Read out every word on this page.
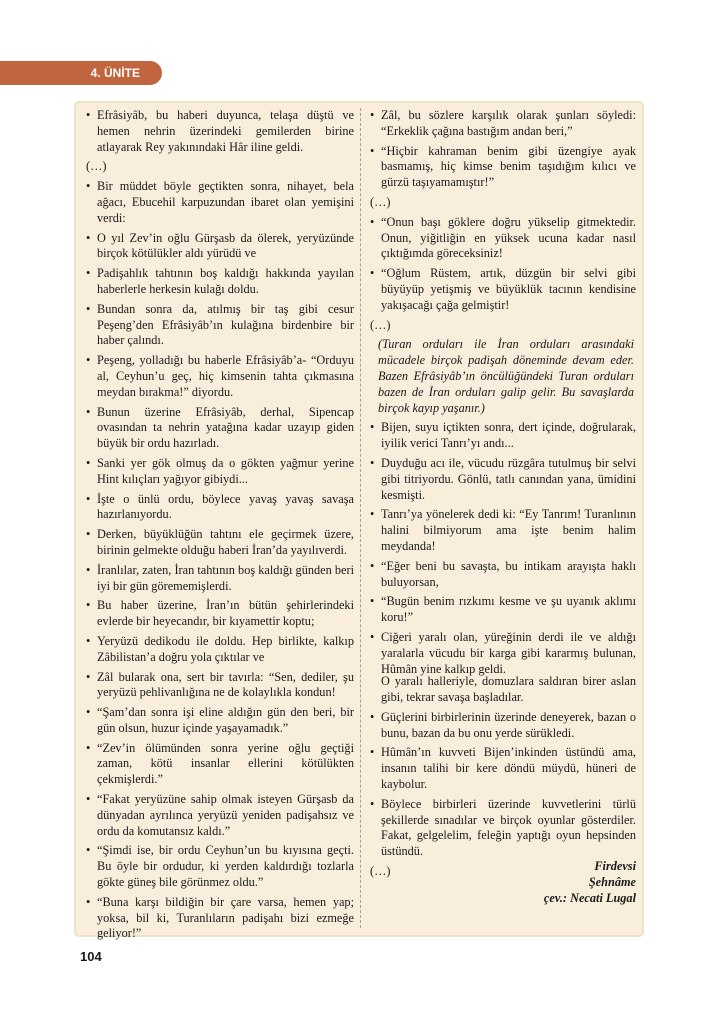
4. ÜNİTE
• Efrâsiyâb, bu haberi duyunca, telaşa düştü ve hemen nehrin üzerindeki gemilerden birine atlayarak Rey yakınındaki Hâr iline geldi.
(…)
• Bir müddet böyle geçtikten sonra, nihayet, bela ağacı, Ebucehil karpuzundan ibaret olan yemişini verdi:
• O yıl Zev’in oğlu Gürşasb da ölerek, yeryüzünde birçok kötülükler aldı yürüdü ve
• Padişahlık tahtının boş kaldığı hakkında yayılan haberlerle herkesin kulağı doldu.
• Bundan sonra da, atılmış bir taş gibi cesur Peşeng’den Efrâsiyâb’ın kulağına birdenbire bir haber çalındı.
• Peşeng, yolladığı bu haberle Efrâsiyâb’a- “Orduyu al, Ceyhun’u geç, hiç kimsenin tahta çıkmasına meydan bırakma!” diyordu.
• Bunun üzerine Efrâsiyâb, derhal, Sipencap ovasından ta nehrin yatağına kadar uzayıp giden büyük bir ordu hazırladı.
• Sanki yer gök olmuş da o gökten yağmur yerine Hint kılıçları yağıyor gibiydi...
• İşte o ünlü ordu, böylece yavaş yavaş savaşa hazırlanıyordu.
• Derken, büyüklüğün tahtını ele geçirmek üzere, birinin gelmekte olduğu haberi İran’da yayılıverdi.
• İranlılar, zaten, İran tahtının boş kaldığı günden beri iyi bir gün görememişlerdi.
• Bu haber üzerine, İran’ın bütün şehirlerindeki evlerde bir heyecandır, bir kıyamettir koptu;
• Yeryüzü dedikodu ile doldu. Hep birlikte, kalkıp Zâbilistan’a doğru yola çıktılar ve
• Zâl bularak ona, sert bir tavırla: “Sen, dediler, şu yeryüzü pehlivanlığına ne de kolaylıkla kondun!
• “Şam’dan sonra işi eline aldığın gün den beri, bir gün olsun, huzur içinde yaşayamadık.”
• “Zev’in ölümünden sonra yerine oğlu geçtiği zaman, kötü insanlar ellerini kötülükten çekmişlerdi.”
• “Fakat yeryüzüne sahip olmak isteyen Gürşasb da dünyadan ayrılınca yeryüzü yeniden padişahsız ve ordu da komutansız kaldı.”
• “Şimdi ise, bir ordu Ceyhun’un bu kıyısına geçti. Bu öyle bir ordudur, ki yerden kaldırdığı tozlarla gökte güneş bile görünmez oldu.”
• “Buna karşı bildiğin bir çare varsa, hemen yap; yoksa, bil ki, Turanlıların padişahı bizi ezmeğe geliyor!”
• Zâl, bu sözlere karşılık olarak şunları söyledi: “Erkeklik çağına bastığım andan beri,”
• “Hiçbir kahraman benim gibi üzengiye ayak basmamış, hiç kimse benim taşıdığım kılıcı ve gürzü taşıyamamıştır!”
(…)
• “Onun başı göklere doğru yükselip gitmektedir. Onun, yiğitliğin en yüksek ucuna kadar nasıl çıktığımda göreceksiniz!
• “Oğlum Rüstem, artık, düzgün bir selvi gibi büyüyüp yetişmiş ve büyüklük tacının kendisine yakışacağı çağa gelmiştir!
(…)
(Turan orduları ile İran orduları arasındaki mücadele birçok padişah döneminde devam eder. Bazen Efrâsiyâb’ın öncülüğündeki Turan orduları bazen de İran orduları galip gelir. Bu savaşlarda birçok kayıp yaşanır.)
• Bijen, suyu içtikten sonra, dert içinde, doğrularak, iyilik verici Tanrı’yı andı...
• Duyduğu acı ile, vücudu rüzgâra tutulmuş bir selvi gibi titriyordu. Gönlü, tatlı canından yana, ümidini kesmişti.
• Tanrı’ya yönelerek dedi ki: “Ey Tanrım! Turanlının halini bilmiyorum ama işte benim halim meydanda!
• “Eğer beni bu savaşta, bu intikam arayışta haklı buluyorsan,
• “Bugün benim rızkımı kesme ve şu uyanık aklımı koru!”
• Ciğeri yaralı olan, yüreğinin derdi ile ve aldığı yaralarla vücudu bir karga gibi kararmış bulunan, Hûmân yine kalkıp geldi.
O yaralı halleriyle, domuzlara saldıran birer aslan gibi, tekrar savaşa başladılar.
• Güçlerini birbirlerinin üzerinde deneyerek, bazan o bunu, bazan da bu onu yerde sürükledi.
• Hûmân’ın kuvveti Bijen’inkinden üstündü ama, insanın talihi bir kere döndü müydü, hüneri de kaybolur.
• Böylece birbirleri üzerinde kuvvetlerini türlü şekillerde sınadılar ve birçok oyunlar gösterdiler. Fakat, gelgelelim, feleğin yaptığı oyun hepsinden üstündü.
(…)	Firdevsi
Şehnâme
çev.: Necati Lugal
104
